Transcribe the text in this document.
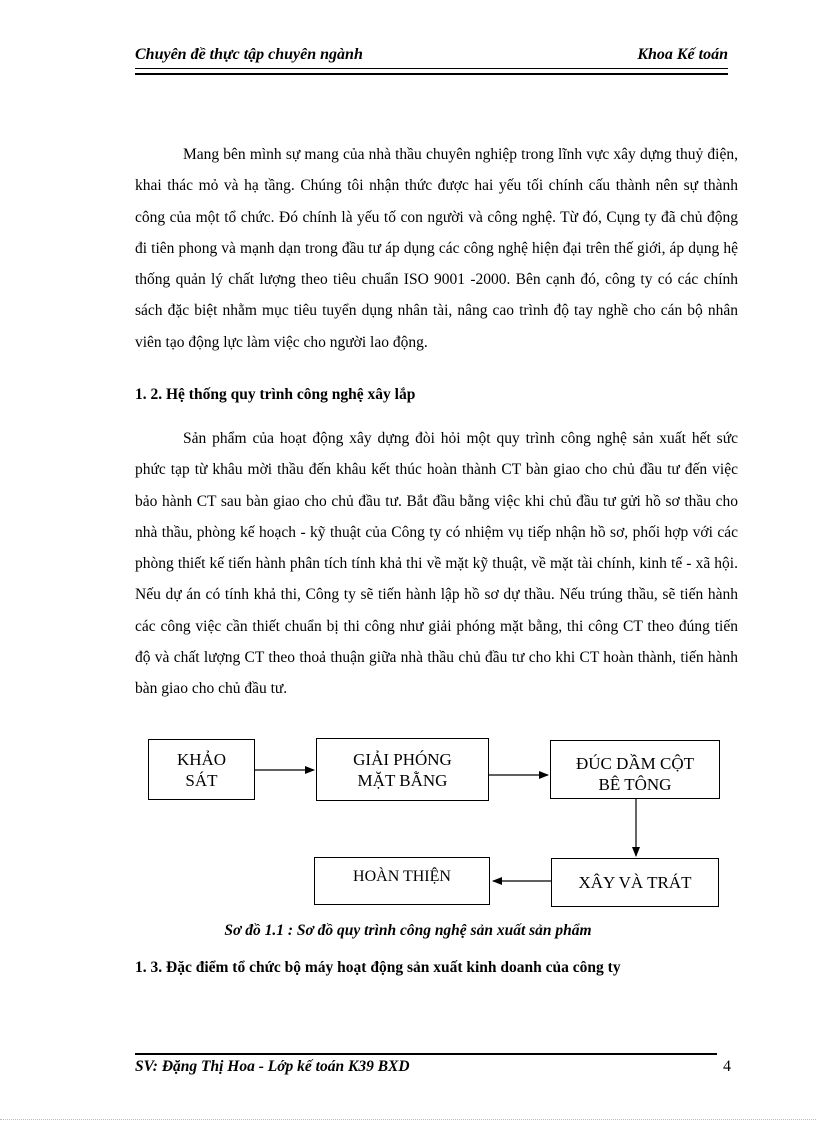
Chuyên đề thực tập chuyên ngành	Khoa Kế toán

Mang bên mình sự mang của nhà thầu chuyên nghiệp trong lĩnh vực xây dựng thuỷ điện, khai thác mỏ và hạ tầng. Chúng tôi nhận thức được hai yếu tối chính cấu thành nên sự thành công của một tổ chức. Đó chính là yếu tố con người và công nghệ. Từ đó, Cụng ty đã chủ động đi tiên phong và mạnh dạn trong đầu tư áp dụng các công nghệ hiện đại trên thế giới, áp dụng hệ thống quản lý chất lượng theo tiêu chuẩn ISO 9001 -2000. Bên cạnh đó, công ty có các chính sách đặc biệt nhằm mục tiêu tuyển dụng nhân tài, nâng cao trình độ tay nghề cho cán bộ nhân viên tạo động lực làm việc cho người lao động.

1. 2. Hệ thống quy trình công nghệ xây lắp

Sản phẩm của hoạt động xây dựng đòi hỏi một quy trình công nghệ sản xuất hết sức phức tạp từ khâu mời thầu đến khâu kết thúc hoàn thành CT bàn giao cho chủ đầu tư đến việc bảo hành CT sau bàn giao cho chủ đầu tư. Bắt đầu bằng việc khi chủ đầu tư gửi hồ sơ thầu cho nhà thầu, phòng kế hoạch - kỹ thuật của Công ty có nhiệm vụ tiếp nhận hồ sơ, phối hợp với các phòng thiết kế tiến hành phân tích tính khả thi về mặt kỹ thuật, về mặt tài chính, kinh tế - xã hội. Nếu dự án có tính khả thi, Công ty sẽ tiến hành lập hồ sơ dự thầu. Nếu trúng thầu, sẽ tiến hành các công việc cần thiết chuẩn bị thi công như giải phóng mặt bằng, thi công CT theo đúng tiến độ và chất lượng CT theo thoả thuận giữa nhà thầu chủ đầu tư cho khi CT hoàn thành, tiến hành bàn giao cho chủ đầu tư.

KHẢO
SÁT
GIẢI PHÓNG
MẶT BẰNG
ĐÚC DẦM CỘT
BÊ TÔNG
XÂY VÀ TRÁT
HOÀN THIỆN
Sơ đồ 1.1 : Sơ đồ quy trình công nghệ sản xuất sản phẩm

1. 3. Đặc điểm tổ chức bộ máy hoạt động sản xuất kinh doanh của công ty

SV: Đặng Thị Hoa - Lớp kế toán K39 BXD	4
